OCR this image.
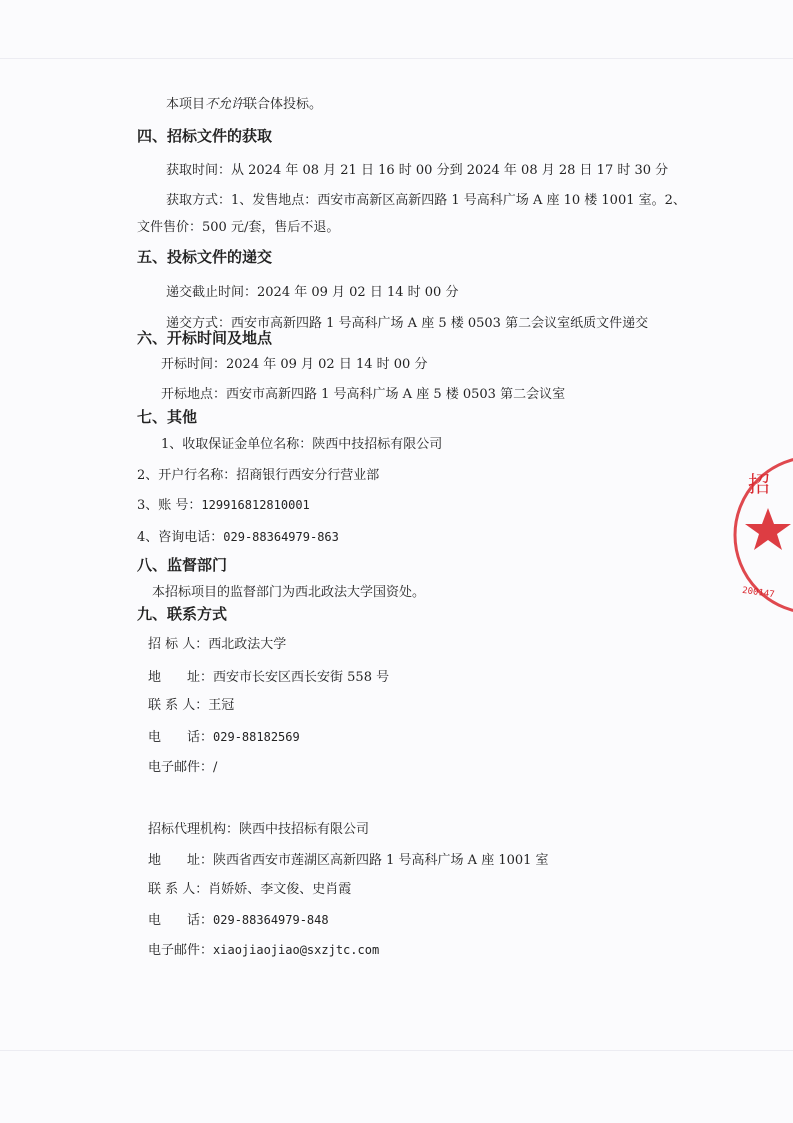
本项目不允许联合体投标。
四、招标文件的获取
获取时间：从 2024 年 08 月 21 日 16 时 00 分到 2024 年 08 月 28 日 17 时 30 分
获取方式：1、发售地点：西安市高新区高新四路 1 号高科广场 A 座 10 楼 1001 室。2、
文件售价：500 元/套，售后不退。
五、投标文件的递交
递交截止时间：2024 年 09 月 02 日 14 时 00 分
递交方式：西安市高新四路 1 号高科广场 A 座 5 楼 0503 第二会议室纸质文件递交
六、开标时间及地点
开标时间：2024 年 09 月 02 日 14 时 00 分
开标地点：西安市高新四路 1 号高科广场 A 座 5 楼 0503 第二会议室
七、其他
1、收取保证金单位名称：陕西中技招标有限公司
2、开户行名称：招商银行西安分行营业部
3、账 号：129916812810001
4、咨询电话：029-88364979-863
八、监督部门
本招标项目的监督部门为西北政法大学国资处。
九、联系方式
招 标 人：西北政法大学
地　　址：西安市长安区西长安街 558 号
联 系 人：王冠
电　　话：029-88182569
电子邮件：/
招标代理机构：陕西中技招标有限公司
地　　址：陕西省西安市莲湖区高新四路 1 号高科广场 A 座 1001 室
联 系 人：肖娇娇、李文俊、史肖霞
电　　话：029-88364979-848
电子邮件：xiaojiaojiao@sxzjtc.com
招
200147
